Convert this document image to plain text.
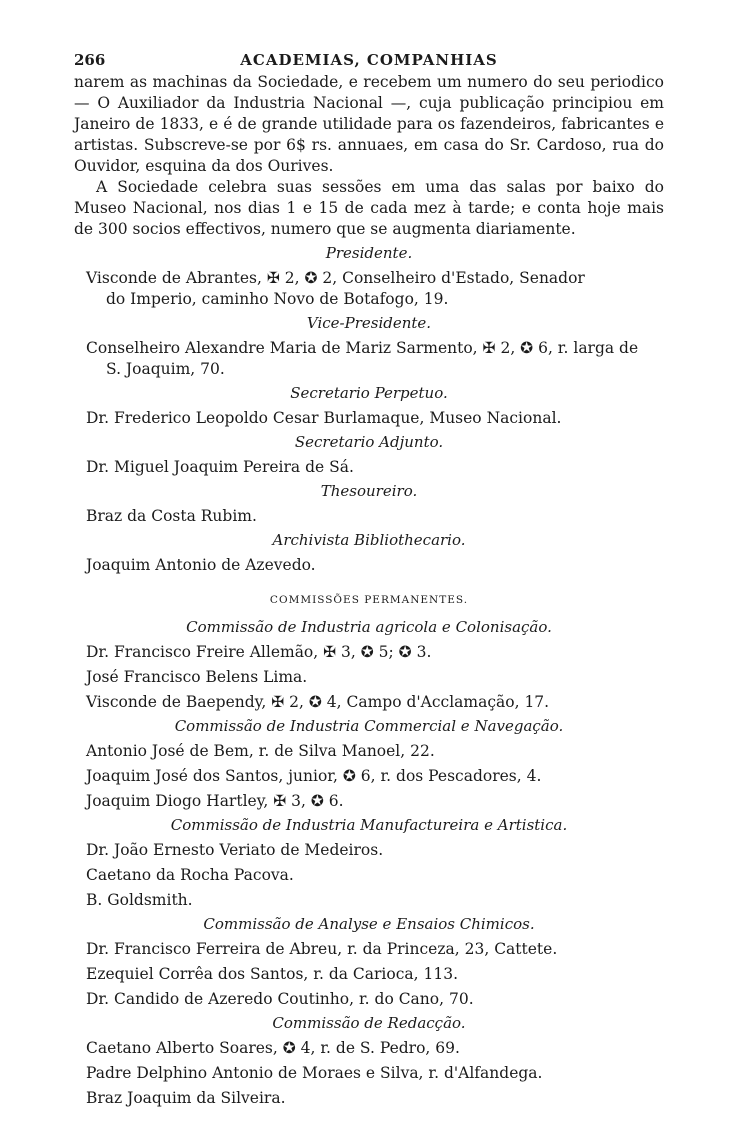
266	ACADEMIAS, COMPANHIAS

narem as machinas da Sociedade, e recebem um numero do seu periodico — O Auxiliador da Industria Nacional —, cuja publicação principiou em Janeiro de 1833, e é de grande utilidade para os fazendeiros, fabricantes e artistas. Subscreve-se por 6$ rs. annuaes, em casa do Sr. Cardoso, rua do Ouvidor, esquina da dos Ourives.

A Sociedade celebra suas sessões em uma das salas por baixo do Museo Nacional, nos dias 1 e 15 de cada mez à tarde; e conta hoje mais de 300 socios effectivos, numero que se augmenta diariamente.

Presidente.
Visconde de Abrantes, ✠ 2, ✪ 2, Conselheiro d'Estado, Senador
do Imperio, caminho Novo de Botafogo, 19.
Vice-Presidente.
Conselheiro Alexandre Maria de Mariz Sarmento, ✠ 2, ✪ 6, r. larga de
S. Joaquim, 70.
Secretario Perpetuo.
Dr. Frederico Leopoldo Cesar Burlamaque, Museo Nacional.
Secretario Adjunto.
Dr. Miguel Joaquim Pereira de Sá.
Thesoureiro.
Braz da Costa Rubim.
Archivista Bibliothecario.
Joaquim Antonio de Azevedo.
COMMISSÕES PERMANENTES.
Commissão de Industria agricola e Colonisação.
Dr. Francisco Freire Allemão, ✠ 3, ✪ 5; ✪ 3.
José Francisco Belens Lima.
Visconde de Baependy, ✠ 2, ✪ 4, Campo d'Acclamação, 17.
Commissão de Industria Commercial e Navegação.
Antonio José de Bem, r. de Silva Manoel, 22.
Joaquim José dos Santos, junior, ✪ 6, r. dos Pescadores, 4.
Joaquim Diogo Hartley, ✠ 3, ✪ 6.
Commissão de Industria Manufactureira e Artistica.
Dr. João Ernesto Veriato de Medeiros.
Caetano da Rocha Pacova.
B. Goldsmith.
Commissão de Analyse e Ensaios Chimicos.
Dr. Francisco Ferreira de Abreu, r. da Princeza, 23, Cattete.
Ezequiel Corrêa dos Santos, r. da Carioca, 113.
Dr. Candido de Azeredo Coutinho, r. do Cano, 70.
Commissão de Redacção.
Caetano Alberto Soares, ✪ 4, r. de S. Pedro, 69.
Padre Delphino Antonio de Moraes e Silva, r. d'Alfandega.
Braz Joaquim da Silveira.
